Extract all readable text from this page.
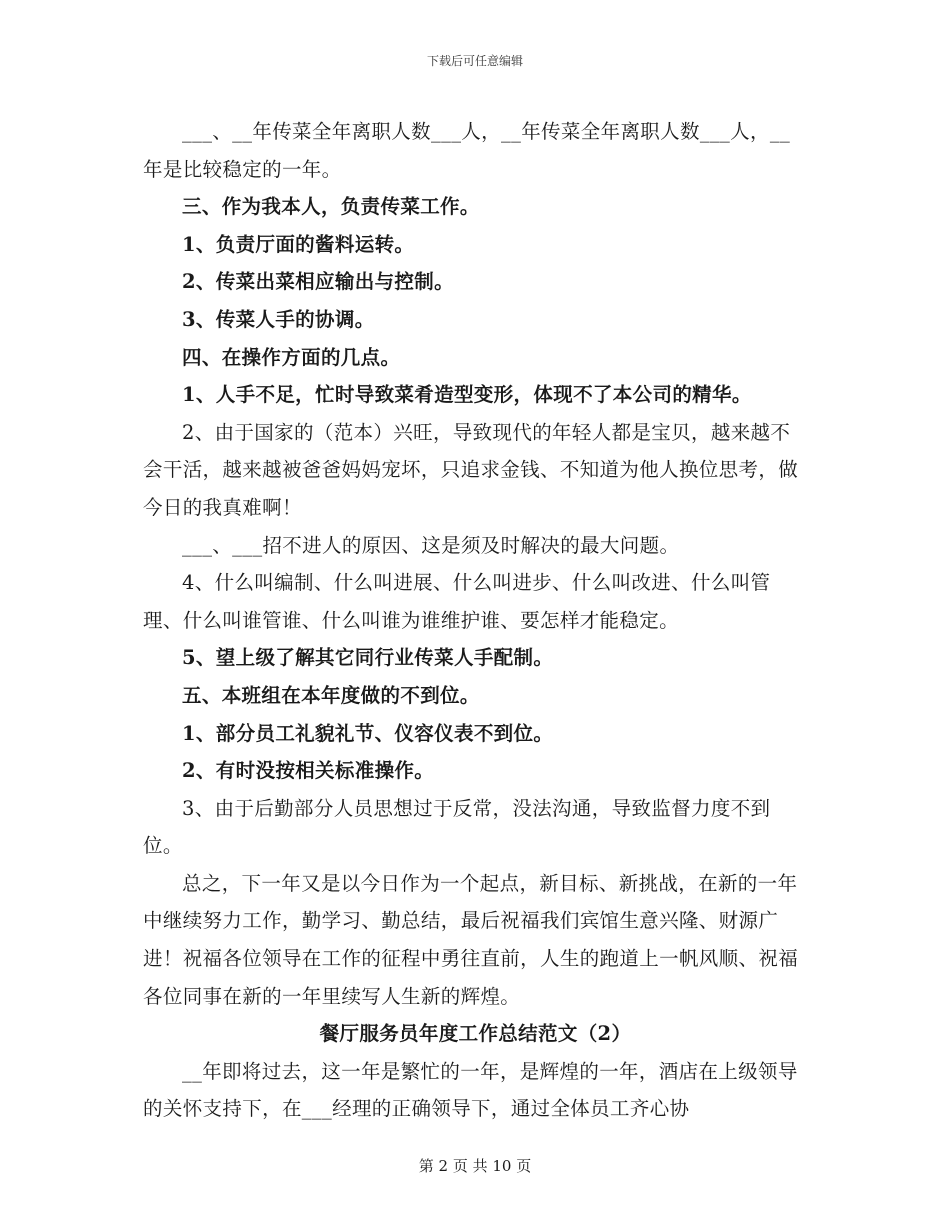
下载后可任意编辑

___、__年传菜全年离职人数___人，__年传菜全年离职人数___人，__年是比较稳定的一年。

三、作为我本人，负责传菜工作。

1、负责厅面的酱料运转。

2、传菜出菜相应输出与控制。

3、传菜人手的协调。

四、在操作方面的几点。

1、人手不足，忙时导致菜肴造型变形，体现不了本公司的精华。

2、由于国家的（范本）兴旺，导致现代的年轻人都是宝贝，越来越不会干活，越来越被爸爸妈妈宠坏，只追求金钱、不知道为他人换位思考，做今日的我真难啊！

___、___招不进人的原因、这是须及时解决的最大问题。

4、什么叫编制、什么叫进展、什么叫进步、什么叫改进、什么叫管理、什么叫谁管谁、什么叫谁为谁维护谁、要怎样才能稳定。

5、望上级了解其它同行业传菜人手配制。

五、本班组在本年度做的不到位。

1、部分员工礼貌礼节、仪容仪表不到位。

2、有时没按相关标准操作。

3、由于后勤部分人员思想过于反常，没法沟通，导致监督力度不到位。

总之，下一年又是以今日作为一个起点，新目标、新挑战，在新的一年中继续努力工作，勤学习、勤总结，最后祝福我们宾馆生意兴隆、财源广进！祝福各位领导在工作的征程中勇往直前，人生的跑道上一帆风顺、祝福各位同事在新的一年里续写人生新的辉煌。

餐厅服务员年度工作总结范文（2）

__年即将过去，这一年是繁忙的一年，是辉煌的一年，酒店在上级领导的关怀支持下，在___经理的正确领导下，通过全体员工齐心协

第 2 页 共 10 页
